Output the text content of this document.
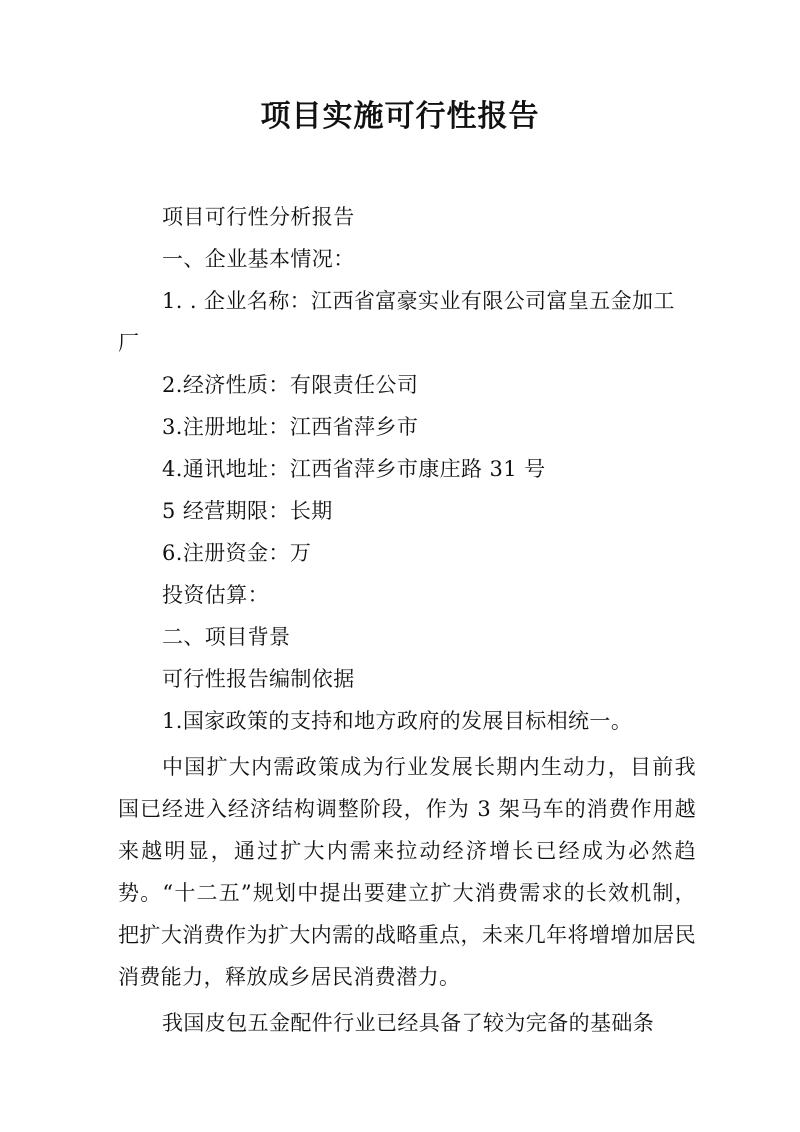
项目实施可行性报告
项目可行性分析报告
一、企业基本情况：
1. . 企业名称：江西省富豪实业有限公司富皇五金加工
厂
2.经济性质：有限责任公司
3.注册地址：江西省萍乡市
4.通讯地址：江西省萍乡市康庄路 31 号
5 经营期限：长期
6.注册资金：万
投资估算：
二、项目背景
可行性报告编制依据
1.国家政策的支持和地方政府的发展目标相统一。
中国扩大内需政策成为行业发展长期内生动力，目前我国已经进入经济结构调整阶段，作为 3 架马车的消费作用越来越明显，通过扩大内需来拉动经济增长已经成为必然趋势。“十二五”规划中提出要建立扩大消费需求的长效机制，把扩大消费作为扩大内需的战略重点，未来几年将增增加居民消费能力，释放成乡居民消费潜力。
我国皮包五金配件行业已经具备了较为完备的基础条
